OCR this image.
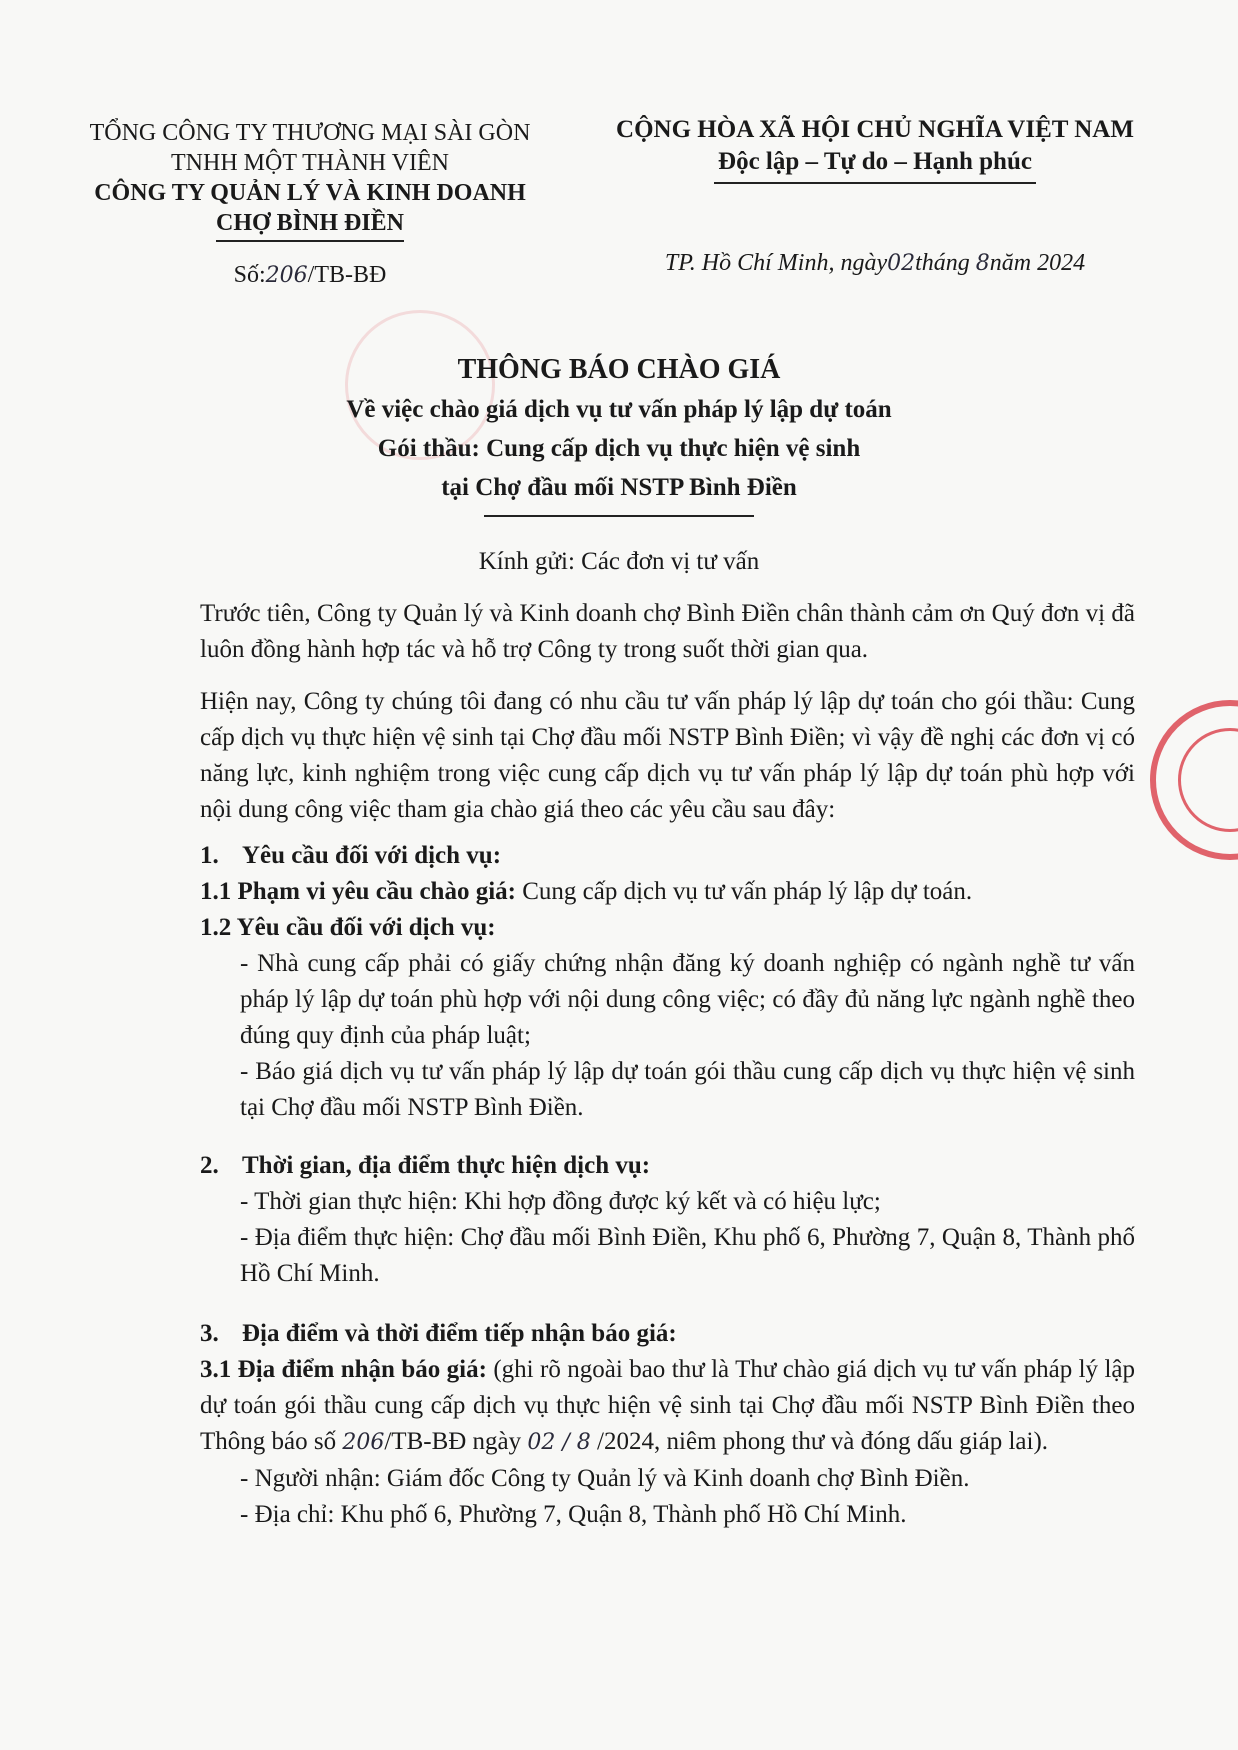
TỔNG CÔNG TY THƯƠNG MẠI SÀI GÒN
TNHH MỘT THÀNH VIÊN
CÔNG TY QUẢN LÝ VÀ KINH DOANH
CHỢ BÌNH ĐIỀN
Số:206/TB-BĐ
CỘNG HÒA XÃ HỘI CHỦ NGHĨA VIỆT NAM
Độc lập – Tự do – Hạnh phúc
TP. Hồ Chí Minh, ngày02tháng 8năm 2024
THÔNG BÁO CHÀO GIÁ
Về việc chào giá dịch vụ tư vấn pháp lý lập dự toán
Gói thầu: Cung cấp dịch vụ thực hiện vệ sinh
tại Chợ đầu mối NSTP Bình Điền
Kính gửi: Các đơn vị tư vấn
Trước tiên, Công ty Quản lý và Kinh doanh chợ Bình Điền chân thành cảm ơn Quý đơn vị đã luôn đồng hành hợp tác và hỗ trợ Công ty trong suốt thời gian qua.
Hiện nay, Công ty chúng tôi đang có nhu cầu tư vấn pháp lý lập dự toán cho gói thầu: Cung cấp dịch vụ thực hiện vệ sinh tại Chợ đầu mối NSTP Bình Điền; vì vậy đề nghị các đơn vị có năng lực, kinh nghiệm trong việc cung cấp dịch vụ tư vấn pháp lý lập dự toán phù hợp với nội dung công việc tham gia chào giá theo các yêu cầu sau đây:
1. Yêu cầu đối với dịch vụ:
1.1 Phạm vi yêu cầu chào giá: Cung cấp dịch vụ tư vấn pháp lý lập dự toán.
1.2 Yêu cầu đối với dịch vụ:
- Nhà cung cấp phải có giấy chứng nhận đăng ký doanh nghiệp có ngành nghề tư vấn pháp lý lập dự toán phù hợp với nội dung công việc; có đầy đủ năng lực ngành nghề theo đúng quy định của pháp luật;
- Báo giá dịch vụ tư vấn pháp lý lập dự toán gói thầu cung cấp dịch vụ thực hiện vệ sinh tại Chợ đầu mối NSTP Bình Điền.
2. Thời gian, địa điểm thực hiện dịch vụ:
- Thời gian thực hiện: Khi hợp đồng được ký kết và có hiệu lực;
- Địa điểm thực hiện: Chợ đầu mối Bình Điền, Khu phố 6, Phường 7, Quận 8, Thành phố Hồ Chí Minh.
3. Địa điểm và thời điểm tiếp nhận báo giá:
3.1 Địa điểm nhận báo giá: (ghi rõ ngoài bao thư là Thư chào giá dịch vụ tư vấn pháp lý lập dự toán gói thầu cung cấp dịch vụ thực hiện vệ sinh tại Chợ đầu mối NSTP Bình Điền theo Thông báo số 206/TB-BĐ ngày 02 / 8 /2024, niêm phong thư và đóng dấu giáp lai).
- Người nhận: Giám đốc Công ty Quản lý và Kinh doanh chợ Bình Điền.
- Địa chỉ: Khu phố 6, Phường 7, Quận 8, Thành phố Hồ Chí Minh.
